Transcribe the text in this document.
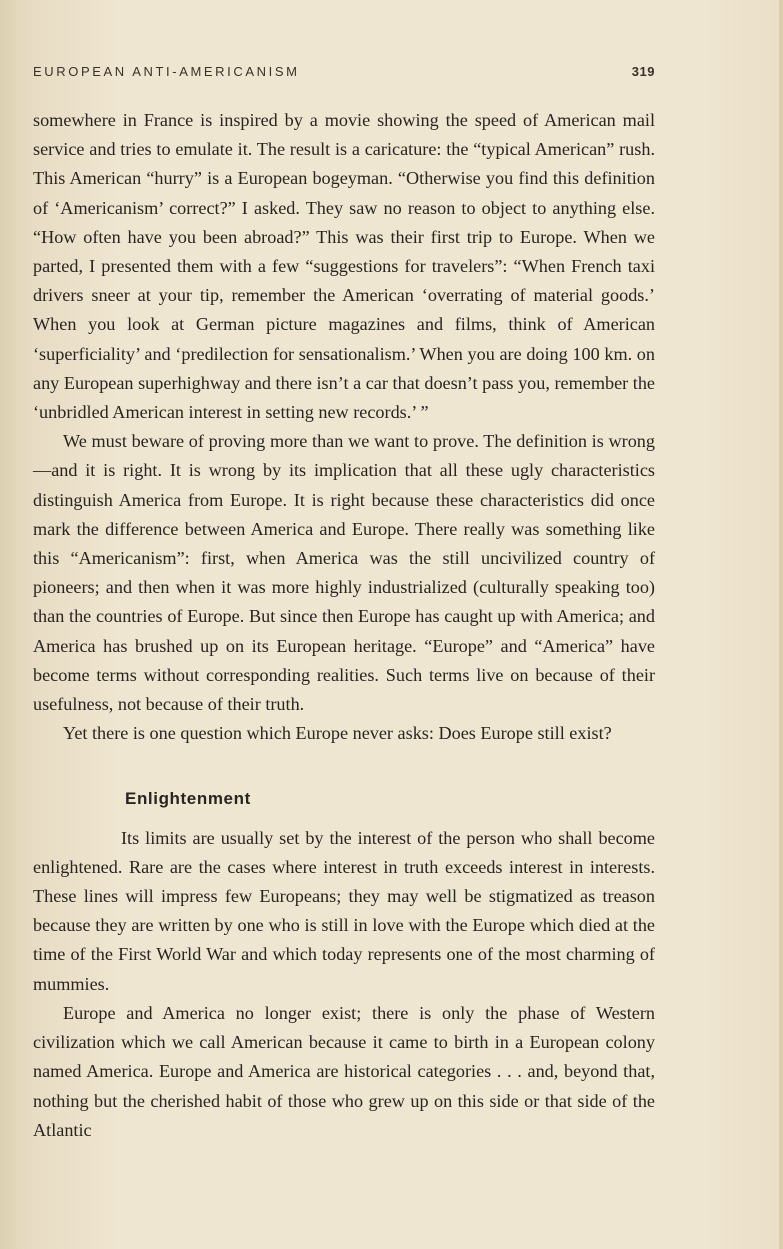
EUROPEAN ANTI-AMERICANISM	319

somewhere in France is inspired by a movie showing the speed of American mail service and tries to emulate it. The result is a caricature: the “typical American” rush. This American “hurry” is a European bogeyman. “Otherwise you find this definition of ‘Americanism’ correct?” I asked. They saw no reason to object to anything else. “How often have you been abroad?” This was their first trip to Europe. When we parted, I presented them with a few “suggestions for travelers”: “When French taxi drivers sneer at your tip, remember the American ‘overrating of material goods.’ When you look at German picture magazines and films, think of American ‘superficiality’ and ‘predilection for sensationalism.’ When you are doing 100 km. on any European superhighway and there isn’t a car that doesn’t pass you, remember the ‘unbridled American interest in setting new records.’ ”

We must beware of proving more than we want to prove. The definition is wrong—and it is right. It is wrong by its implication that all these ugly characteristics distinguish America from Europe. It is right because these characteristics did once mark the difference between America and Europe. There really was something like this “Americanism”: first, when America was the still uncivilized country of pioneers; and then when it was more highly industrialized (culturally speaking too) than the countries of Europe. But since then Europe has caught up with America; and America has brushed up on its European heritage. “Europe” and “America” have become terms without corresponding realities. Such terms live on because of their usefulness, not because of their truth.

Yet there is one question which Europe never asks: Does Europe still exist?

Enlightenment

Its limits are usually set by the interest of the person who shall become enlightened. Rare are the cases where interest in truth exceeds interest in interests. These lines will impress few Europeans; they may well be stigmatized as treason because they are written by one who is still in love with the Europe which died at the time of the First World War and which today represents one of the most charming of mummies.

Europe and America no longer exist; there is only the phase of Western civilization which we call American because it came to birth in a European colony named America. Europe and America are historical categories . . . and, beyond that, nothing but the cherished habit of those who grew up on this side or that side of the Atlantic
